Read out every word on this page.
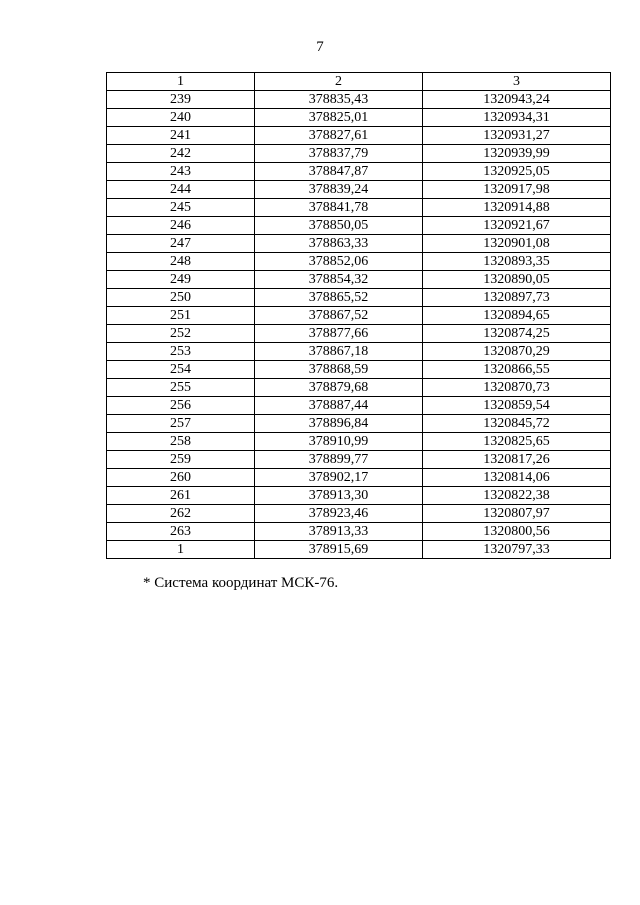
7
1	2	3
239	378835,43	1320943,24
240	378825,01	1320934,31
241	378827,61	1320931,27
242	378837,79	1320939,99
243	378847,87	1320925,05
244	378839,24	1320917,98
245	378841,78	1320914,88
246	378850,05	1320921,67
247	378863,33	1320901,08
248	378852,06	1320893,35
249	378854,32	1320890,05
250	378865,52	1320897,73
251	378867,52	1320894,65
252	378877,66	1320874,25
253	378867,18	1320870,29
254	378868,59	1320866,55
255	378879,68	1320870,73
256	378887,44	1320859,54
257	378896,84	1320845,72
258	378910,99	1320825,65
259	378899,77	1320817,26
260	378902,17	1320814,06
261	378913,30	1320822,38
262	378923,46	1320807,97
263	378913,33	1320800,56
1	378915,69	1320797,33
* Система координат МСК-76.
